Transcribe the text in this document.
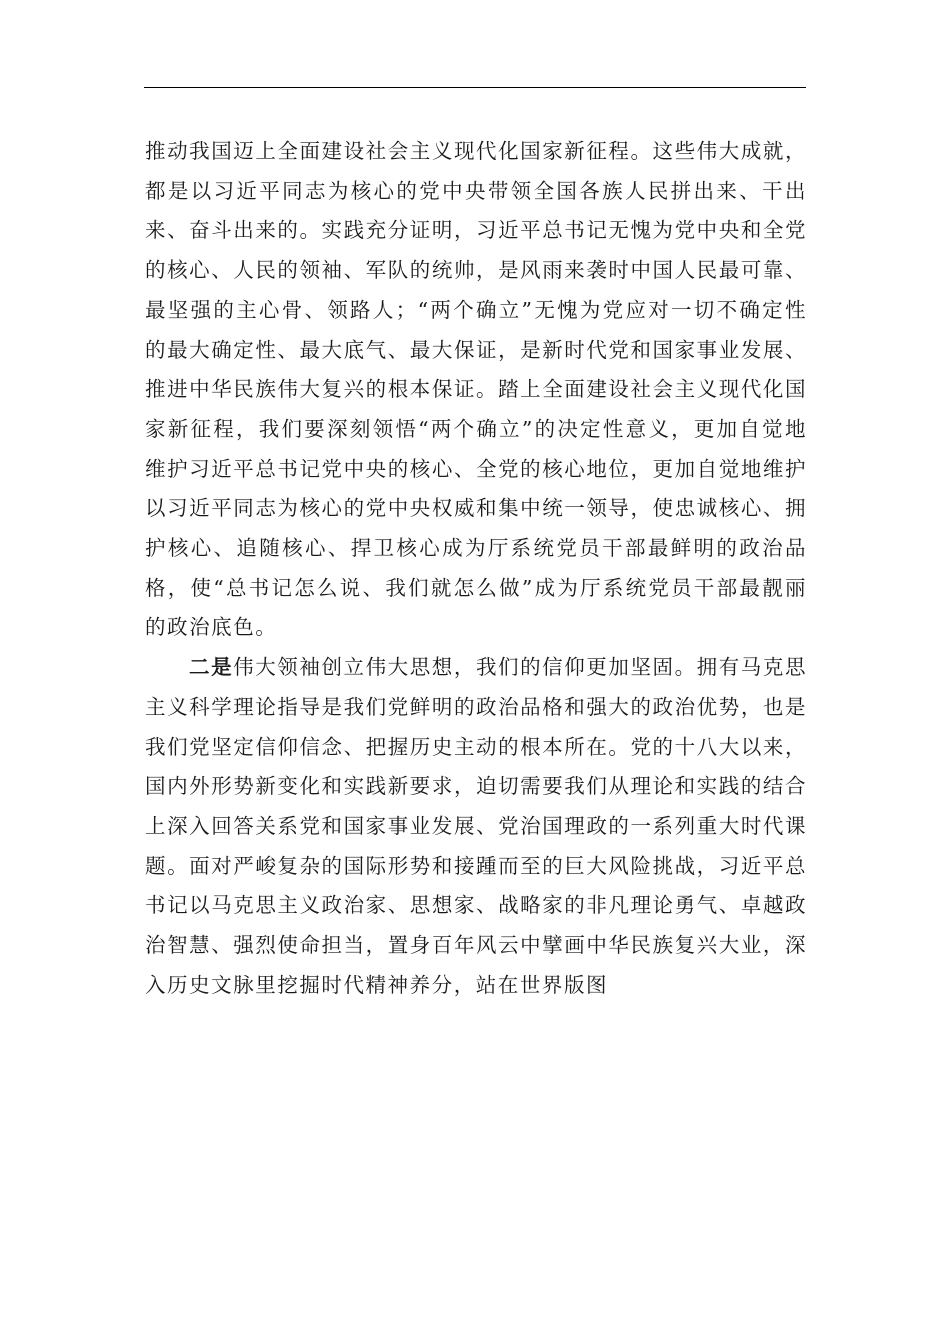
推动我国迈上全面建设社会主义现代化国家新征程。这些伟大成就，都是以习近平同志为核心的党中央带领全国各族人民拼出来、干出来、奋斗出来的。实践充分证明，习近平总书记无愧为党中央和全党的核心、人民的领袖、军队的统帅，是风雨来袭时中国人民最可靠、最坚强的主心骨、领路人；“两个确立”无愧为党应对一切不确定性的最大确定性、最大底气、最大保证，是新时代党和国家事业发展、推进中华民族伟大复兴的根本保证。踏上全面建设社会主义现代化国家新征程，我们要深刻领悟“两个确立”的决定性意义，更加自觉地维护习近平总书记党中央的核心、全党的核心地位，更加自觉地维护以习近平同志为核心的党中央权威和集中统一领导，使忠诚核心、拥护核心、追随核心、捍卫核心成为厅系统党员干部最鲜明的政治品格，使“总书记怎么说、我们就怎么做”成为厅系统党员干部最靓丽的政治底色。

二是伟大领袖创立伟大思想，我们的信仰更加坚固。拥有马克思主义科学理论指导是我们党鲜明的政治品格和强大的政治优势，也是我们党坚定信仰信念、把握历史主动的根本所在。党的十八大以来，国内外形势新变化和实践新要求，迫切需要我们从理论和实践的结合上深入回答关系党和国家事业发展、党治国理政的一系列重大时代课题。面对严峻复杂的国际形势和接踵而至的巨大风险挑战，习近平总书记以马克思主义政治家、思想家、战略家的非凡理论勇气、卓越政治智慧、强烈使命担当，置身百年风云中擘画中华民族复兴大业，深入历史文脉里挖掘时代精神养分，站在世界版图
